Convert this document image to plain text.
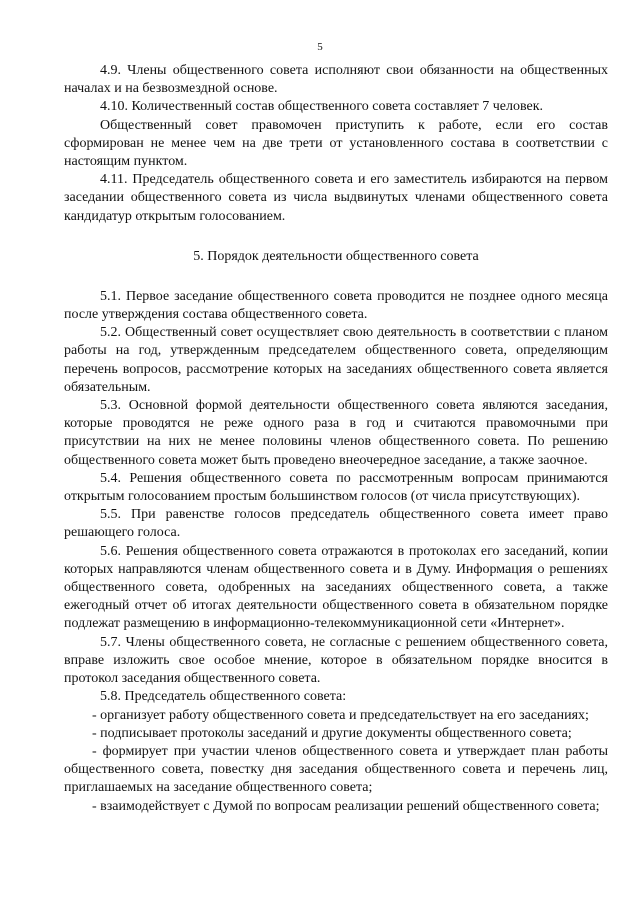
5

4.9. Члены общественного совета исполняют свои обязанности на общественных началах и на безвозмездной основе.

4.10. Количественный состав общественного совета составляет 7 человек.

Общественный совет правомочен приступить к работе, если его состав сформирован не менее чем на две трети от установленного состава в соответствии с настоящим пунктом.

4.11. Председатель общественного совета и его заместитель избираются на первом заседании общественного совета из числа выдвинутых членами общественного совета кандидатур открытым голосованием.

5. Порядок деятельности общественного совета

5.1. Первое заседание общественного совета проводится не позднее одного месяца после утверждения состава общественного совета.

5.2. Общественный совет осуществляет свою деятельность в соответствии с планом работы на год, утвержденным председателем общественного совета, определяющим перечень вопросов, рассмотрение которых на заседаниях общественного совета является обязательным.

5.3. Основной формой деятельности общественного совета являются заседания, которые проводятся не реже одного раза в год и считаются правомочными при присутствии на них не менее половины членов общественного совета. По решению общественного совета может быть проведено внеочередное заседание, а также заочное.

5.4. Решения общественного совета по рассмотренным вопросам принимаются открытым голосованием простым большинством голосов (от числа присутствующих).

5.5. При равенстве голосов председатель общественного совета имеет право решающего голоса.

5.6. Решения общественного совета отражаются в протоколах его заседаний, копии которых направляются членам общественного совета и в Думу. Информация о решениях общественного совета, одобренных на заседаниях общественного совета, а также ежегодный отчет об итогах деятельности общественного совета в обязательном порядке подлежат размещению в информационно-телекоммуникационной сети «Интернет».

5.7. Члены общественного совета, не согласные с решением общественного совета, вправе изложить свое особое мнение, которое в обязательном порядке вносится в протокол заседания общественного совета.

5.8. Председатель общественного совета:

- организует работу общественного совета и председательствует на его заседаниях;

- подписывает протоколы заседаний и другие документы общественного совета;

- формирует при участии членов общественного совета и утверждает план работы общественного совета, повестку дня заседания общественного совета и перечень лиц, приглашаемых на заседание общественного совета;

- взаимодействует с Думой по вопросам реализации решений общественного совета;
